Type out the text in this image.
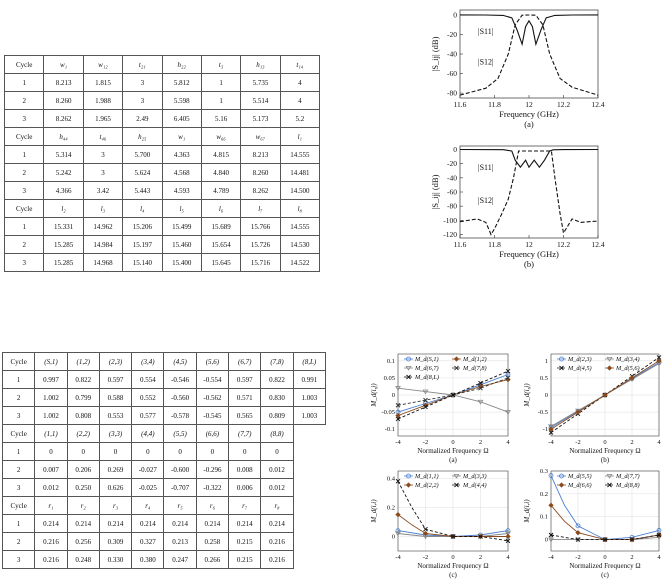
Cycle	w₁	w₁₂	t₂₁	h₂₂	t₃	h₁₃	t₁₄
1	8.213	1.815	3	5.812	1	5.735	4
2	8.260	1.988	3	5.598	1	5.514	4
3	8.262	1.965	2.49	6.405	5.16	5.173	5.2
Cycle	h₄₄	t₄₆	h₂₅	w₁	w₆₆	w₆₇	l₁
1	5.314	3	5.700	4.363	4.815	8.213	14.555
2	5.242	3	5.624	4.568	4.840	8.260	14.481
3	4.366	3.42	5.443	4.593	4.789	8.262	14.500
Cycle	l₂	l₃	l₄	l₅	l₆	l₇	l₈
1	15.331	14.962	15.206	15.499	15.689	15.766	14.555
2	15.285	14.984	15.197	15.460	15.654	15.726	14.530
3	15.285	14.968	15.140	15.400	15.645	15.716	14.522
Cycle	(S,1)	(1,2)	(2,3)	(3,4)	(4,5)	(5,6)	(6,7)	(7,8)	(8,L)
1	0.997	0.822	0.597	0.554	-0.546	-0.554	0.597	0.822	0.991
2	1.002	0.799	0.588	0.552	-0.560	-0.562	0.571	0.830	1.003
3	1.002	0.808	0.553	0.577	-0.578	-0.545	0.565	0.809	1.003
Cycle	(1,1)	(2,2)	(3,3)	(4,4)	(5,5)	(6,6)	(7,7)	(8,8)	
1	0	0	0	0	0	0	0	0	
2	0.007	0.206	0.269	-0.027	-0.600	-0.296	0.008	0.012	
3	0.012	0.250	0.626	-0.025	-0.707	-0.322	0.006	0.012	
Cycle	r₁	r₂	r₃	r₄	r₅	r₆	r₇	r₈	
1	0.214	0.214	0.214	0.214	0.214	0.214	0.214	0.214	
2	0.216	0.256	0.309	0.327	0.213	0.258	0.215	0.216	
3	0.216	0.248	0.330	0.380	0.247	0.266	0.215	0.216	
11.6	11.8	12	12.2	12.4
0
-20
-40
-60
-80
|S11|
|S12|
Frequency (GHz)
|S_ij| (dB)
(a)
11.6	11.8	12	12.2	12.4
0
-20
-40
-60
-80
-100
-120
|S11|
|S12|
Frequency (GHz)
|S_ij| (dB)
(b)
-4	-2	0	2	4
0.1
0.05
0
-0.05
-0.1
M_d(S,1)	M_d(1,2)
M_d(6,7)	M_d(7,8)
M_d(8,L)
Normalized Frequency Ω
M_d(i,j)
(a)
-4	-2	0	2	4
1
0.5
0
-0.5
-1
M_d(2,3)	M_d(3,4)
M_d(4,5)	M_d(5,6)
Normalized Frequency Ω
M_d(i,j)
(b)
-4	-2	0	2	4
0.4
0.2
0
M_d(1,1)	M_d(3,3)
M_d(2,2)	M_d(4,4)
Normalized Frequency Ω
M_d(i,i)
(c)
-4	-2	0	2	4
0.3
0.2
0.1
0
M_d(5,5)	M_d(7,7)
M_d(6,6)	M_d(8,8)
Normalized Frequency Ω
M_d(i,i)
(c)
